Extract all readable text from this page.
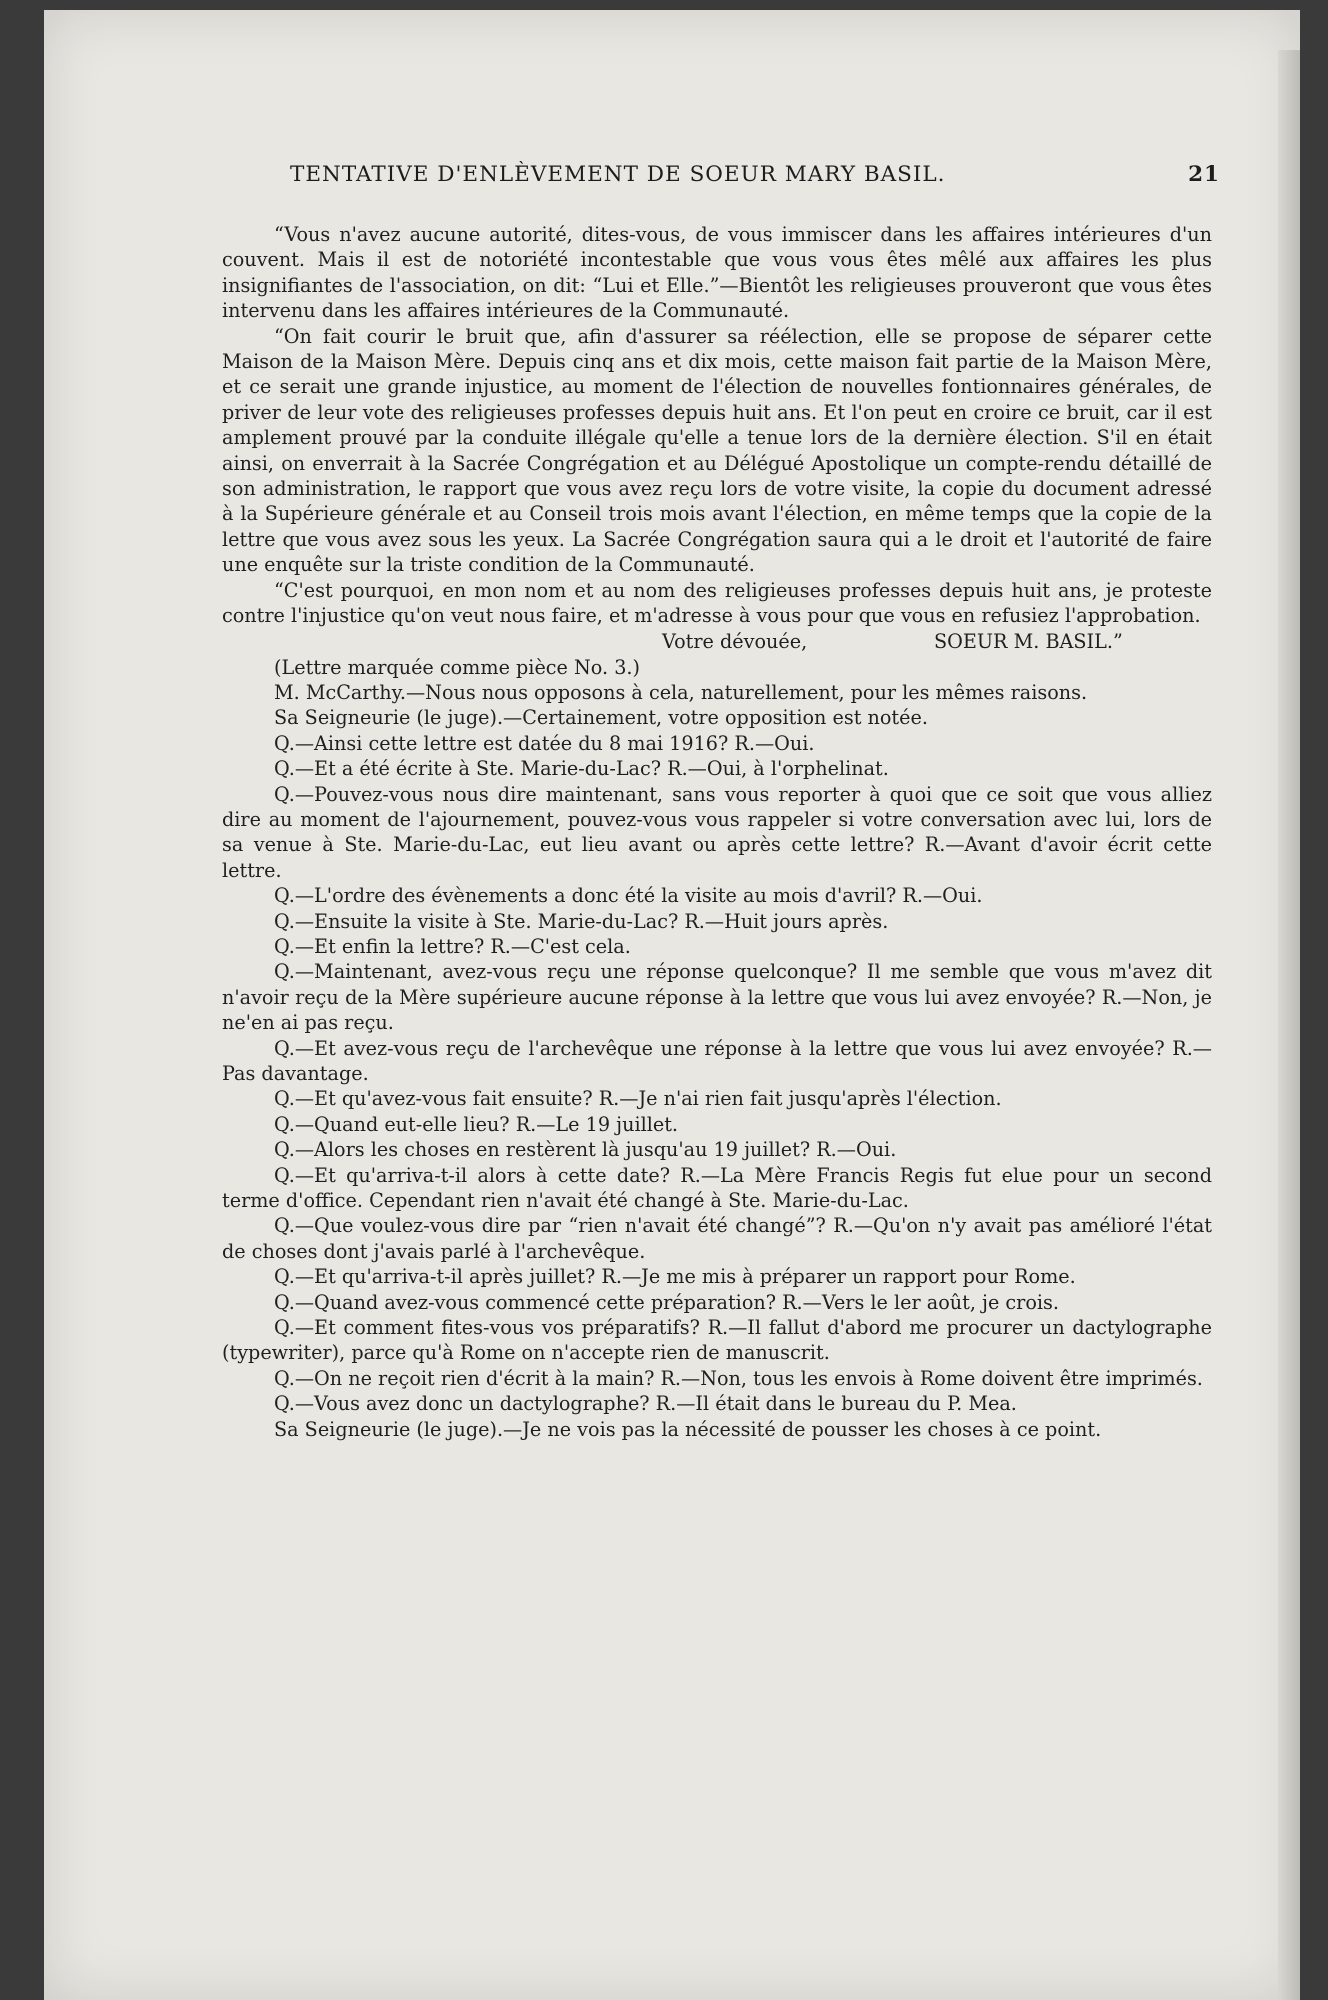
TENTATIVE D'ENLÈVEMENT DE SOEUR MARY BASIL.	21

“Vous n'avez aucune autorité, dites-vous, de vous immiscer dans les affaires intérieures d'un couvent. Mais il est de notoriété incontestable que vous vous êtes mêlé aux affaires les plus insignifiantes de l'association, on dit: “Lui et Elle.”—Bientôt les religieuses prouveront que vous êtes intervenu dans les affaires intérieures de la Communauté.

“On fait courir le bruit que, afin d'assurer sa réélection, elle se propose de séparer cette Maison de la Maison Mère. Depuis cinq ans et dix mois, cette maison fait partie de la Maison Mère, et ce serait une grande injustice, au moment de l'élection de nouvelles fontionnaires générales, de priver de leur vote des religieuses professes depuis huit ans. Et l'on peut en croire ce bruit, car il est amplement prouvé par la conduite illégale qu'elle a tenue lors de la dernière élection. S'il en était ainsi, on enverrait à la Sacrée Congrégation et au Délégué Apostolique un compte-rendu détaillé de son administration, le rapport que vous avez reçu lors de votre visite, la copie du document adressé à la Supérieure générale et au Conseil trois mois avant l'élection, en même temps que la copie de la lettre que vous avez sous les yeux. La Sacrée Congrégation saura qui a le droit et l'autorité de faire une enquête sur la triste condition de la Communauté.

“C'est pourquoi, en mon nom et au nom des religieuses professes depuis huit ans, je proteste contre l'injustice qu'on veut nous faire, et m'adresse à vous pour que vous en refusiez l'approbation.

Votre dévouée,	SOEUR M. BASIL.”

(Lettre marquée comme pièce No. 3.)

M. McCarthy.—Nous nous opposons à cela, naturellement, pour les mêmes raisons.

Sa Seigneurie (le juge).—Certainement, votre opposition est notée.

Q.—Ainsi cette lettre est datée du 8 mai 1916? R.—Oui.

Q.—Et a été écrite à Ste. Marie-du-Lac? R.—Oui, à l'orphelinat.

Q.—Pouvez-vous nous dire maintenant, sans vous reporter à quoi que ce soit que vous alliez dire au moment de l'ajournement, pouvez-vous vous rappeler si votre conversation avec lui, lors de sa venue à Ste. Marie-du-Lac, eut lieu avant ou après cette lettre? R.—Avant d'avoir écrit cette lettre.

Q.—L'ordre des évènements a donc été la visite au mois d'avril? R.—Oui.

Q.—Ensuite la visite à Ste. Marie-du-Lac? R.—Huit jours après.

Q.—Et enfin la lettre? R.—C'est cela.

Q.—Maintenant, avez-vous reçu une réponse quelconque? Il me semble que vous m'avez dit n'avoir reçu de la Mère supérieure aucune réponse à la lettre que vous lui avez envoyée? R.—Non, je ne'en ai pas reçu.

Q.—Et avez-vous reçu de l'archevêque une réponse à la lettre que vous lui avez envoyée? R.—Pas davantage.

Q.—Et qu'avez-vous fait ensuite? R.—Je n'ai rien fait jusqu'après l'élection.

Q.—Quand eut-elle lieu? R.—Le 19 juillet.

Q.—Alors les choses en restèrent là jusqu'au 19 juillet? R.—Oui.

Q.—Et qu'arriva-t-il alors à cette date? R.—La Mère Francis Regis fut elue pour un second terme d'office. Cependant rien n'avait été changé à Ste. Marie-du-Lac.

Q.—Que voulez-vous dire par “rien n'avait été changé”? R.—Qu'on n'y avait pas amélioré l'état de choses dont j'avais parlé à l'archevêque.

Q.—Et qu'arriva-t-il après juillet? R.—Je me mis à préparer un rapport pour Rome.

Q.—Quand avez-vous commencé cette préparation? R.—Vers le ler août, je crois.

Q.—Et comment fites-vous vos préparatifs? R.—Il fallut d'abord me procurer un dactylographe (typewriter), parce qu'à Rome on n'accepte rien de manuscrit.

Q.—On ne reçoit rien d'écrit à la main? R.—Non, tous les envois à Rome doivent être imprimés.

Q.—Vous avez donc un dactylographe? R.—Il était dans le bureau du P. Mea.

Sa Seigneurie (le juge).—Je ne vois pas la nécessité de pousser les choses à ce point.
